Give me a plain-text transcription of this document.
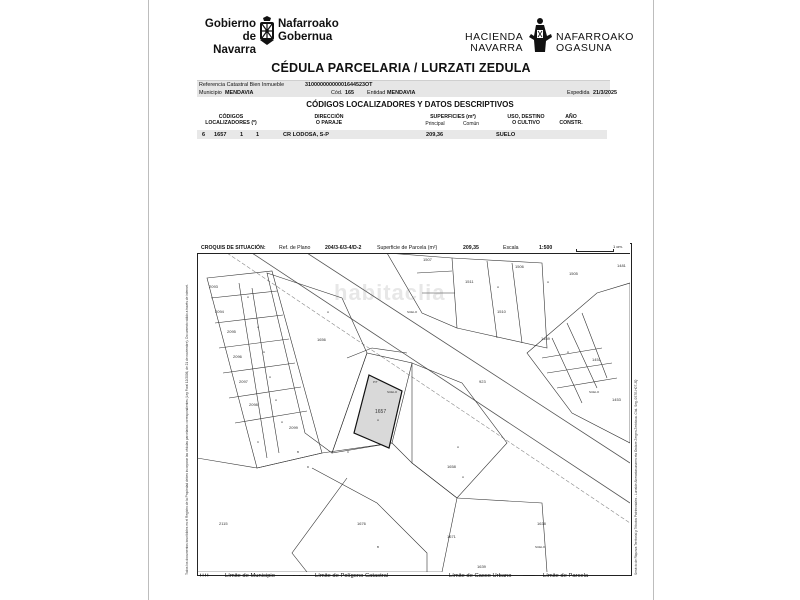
Gobierno
de Navarra
Nafarroako
Gobernua	HACIENDA
NAVARRA
NAFARROAKO
OGASUNA
CÉDULA PARCELARIA / LURZATI ZEDULA
Referencia Catastral Bien Inmueble	31000000000001644523OT
Municipio MENDAVIA	Cód. 165 Entidad MENDAVIA	Expedida 21/3/2025
CÓDIGOS LOCALIZADORES Y DATOS DESCRIPTIVOS
CÓDIGOS
LOCALIZADORES (*)
DIRECCIÓN
O PARAJE
SUPERFICIES (m²)
Principal	Común
USO, DESTINO
O CULTIVO
AÑO
CONSTR.
6 1657 1 1	CR LODOSA, S-P	209,36	SUELO
1507
1511
1506
1505
1481
1510
2093
2094
2095
2096
2097
2098
2099
1656
1657
1658
1469
1451
1453
2115	1676	1638
1671
1639
923
A
A
A
A
A
A
A
A
A
A
A
A
A
B
B
C
C
D
P/T
SUELO	SUELO
SUELO
SUELO
habitaclia
CROQUIS DE SITUACIÓN:	Ref. de Plano	204/3-6/3-4/D-2	Superficie de Parcela (m²)	209,35	Escala	1:500	1 cm.
Todos los documentos inscribibles en el Registro de la Propiedad deben incorporar las cédulas parcelarias correspondientes (Ley Foral 12/2006, de 21 de noviembre). Documento válido a través de internet.	Servicio de Riqueza Territorial y Tributos Patrimoniales - Lurralde Aberastasunaren eta Ondare Zergen Zerbitzua. Cód. Seg. 0S7E-H0T-JQ
++++	Límite de Municipio	- - - Límite de Polígono Catastral	—— Límite de Casco Urbano —— Límite de Parcela
